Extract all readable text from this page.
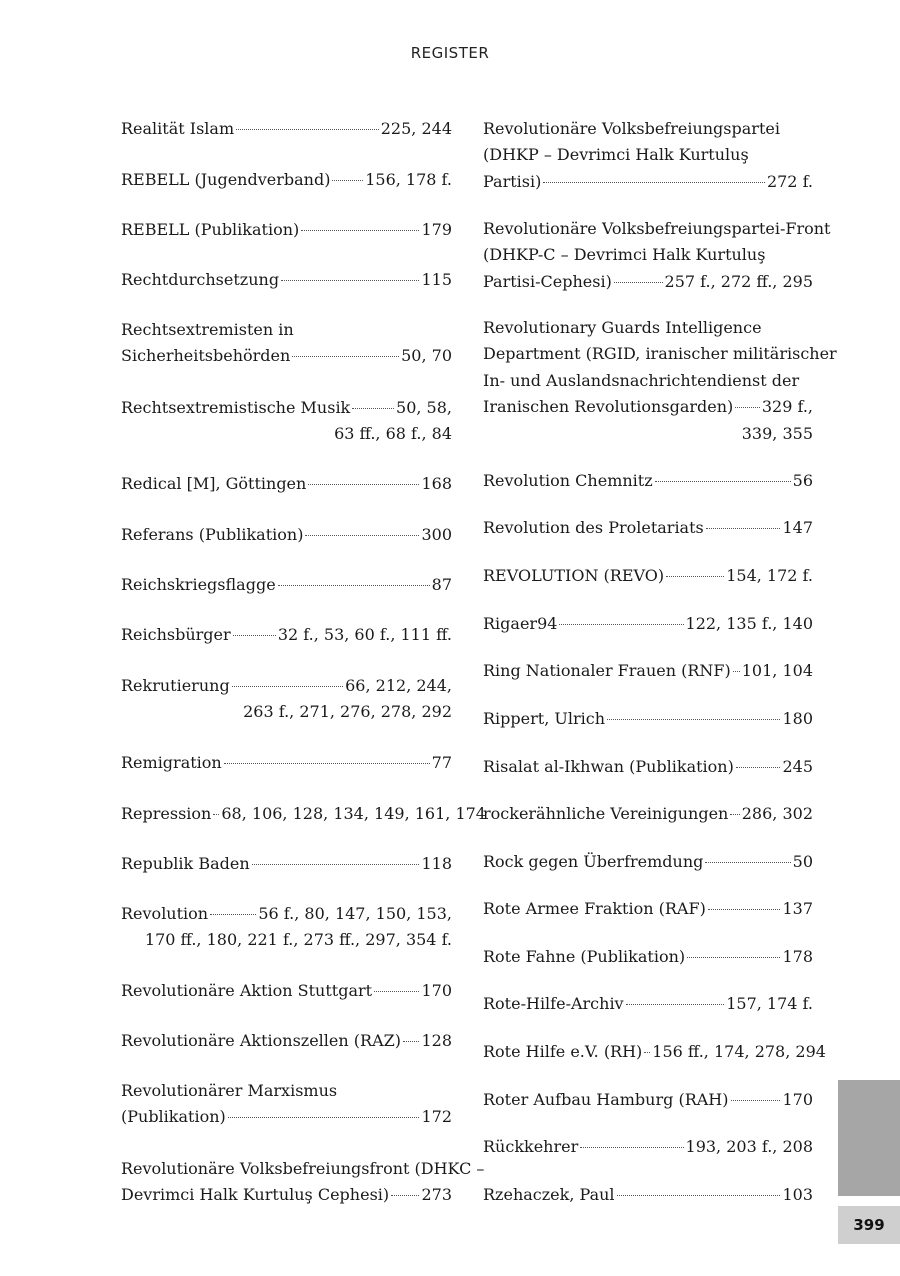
REGISTER
Realität Islam	225, 244
REBELL (Jugendverband) 156, 178 f.
REBELL (Publikation)	179
Rechtdurchsetzung	115
Rechtsextremisten in
Sicherheitsbehörden	50, 70
Rechtsextremistische Musik	50, 58,
63 ff., 68 f., 84
Redical [M], Göttingen	168
Referans (Publikation)	300
Reichskriegsflagge	87
Reichsbürger	32 f., 53, 60 f., 111 ff.
Rekrutierung	66, 212, 244,
263 f., 271, 276, 278, 292
Remigration	77
Repression 68, 106, 128, 134, 149, 161, 174
Republik Baden	118
Revolution	56 f., 80, 147, 150, 153,
170 ff., 180, 221 f., 273 ff., 297, 354 f.
Revolutionäre Aktion Stuttgart	170
Revolutionäre Aktionszellen (RAZ) 128
Revolutionärer Marxismus
(Publikation)	172
Revolutionäre Volksbefreiungsfront (DHKC –
Devrimci Halk Kurtuluş Cephesi) 273
Revolutionäre Volksbefreiungspartei
(DHKP – Devrimci Halk Kurtuluş
Partisi)	272 f.
Revolutionäre Volksbefreiungspartei-Front
(DHKP-C – Devrimci Halk Kurtuluş
Partisi-Cephesi)	257 f., 272 ff., 295
Revolutionary Guards Intelligence
Department (RGID, iranischer militärischer
In- und Auslandsnachrichtendienst der
Iranischen Revolutionsgarden) 329 f.,
339, 355
Revolution Chemnitz	56
Revolution des Proletariats	147
REVOLUTION (REVO)	154, 172 f.
Rigaer94	122, 135 f., 140
Ring Nationaler Frauen (RNF) 101, 104
Rippert, Ulrich	180
Risalat al-Ikhwan (Publikation)	245
rockerähnliche Vereinigungen 286, 302
Rock gegen Überfremdung	50
Rote Armee Fraktion (RAF)	137
Rote Fahne (Publikation)	178
Rote-Hilfe-Archiv	157, 174 f.
Rote Hilfe e.V. (RH) 156 ff., 174, 278, 294
Roter Aufbau Hamburg (RAH)	170
Rückkehrer	193, 203 f., 208
Rzehaczek, Paul	103
399
